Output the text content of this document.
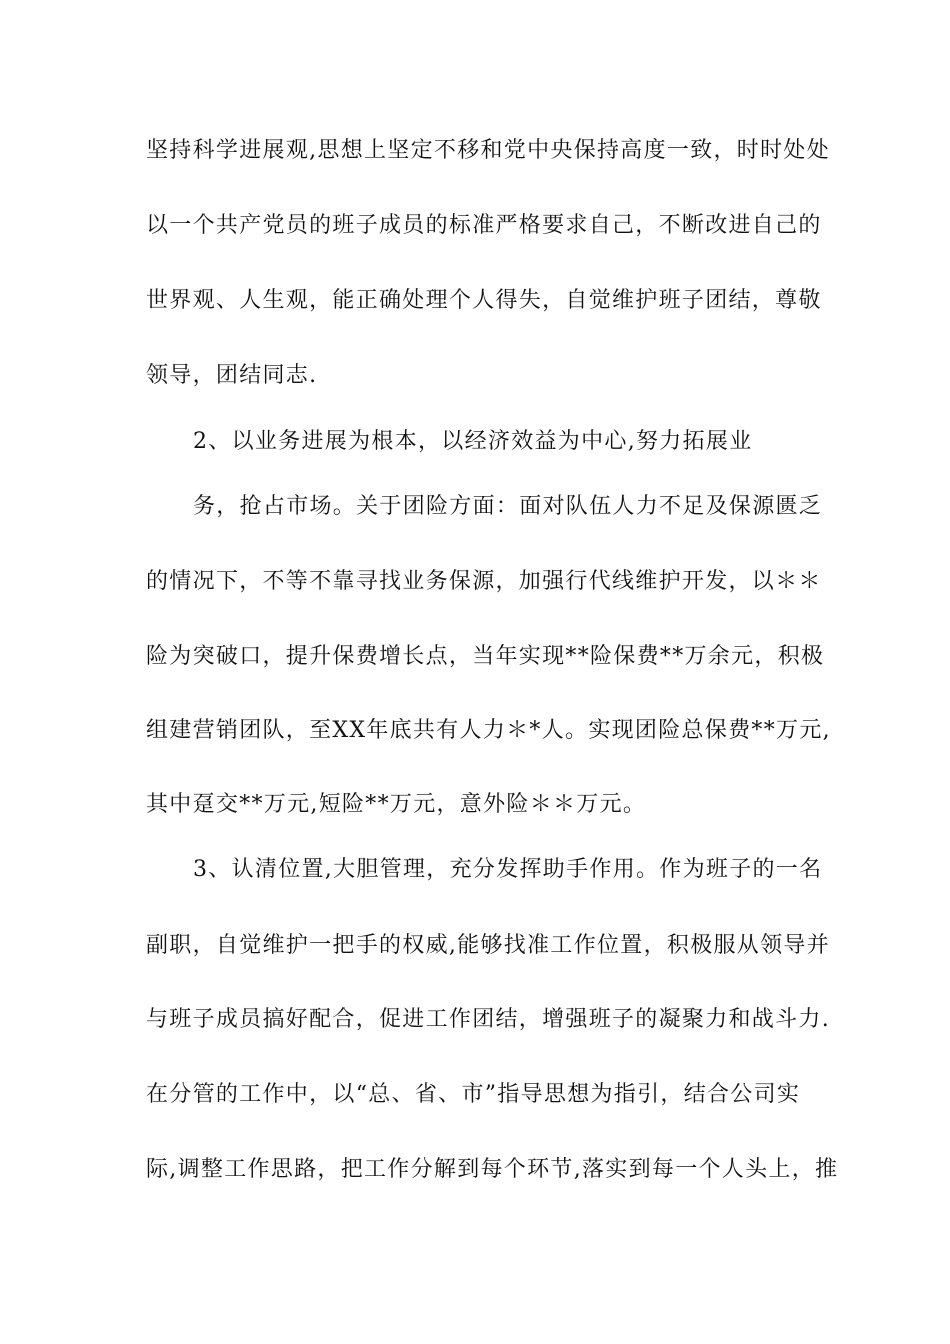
坚持科学进展观,思想上坚定不移和党中央保持高度一致，时时处处
以一个共产党员的班子成员的标准严格要求自己，不断改进自己的
世界观、人生观，能正确处理个人得失，自觉维护班子团结，尊敬
领导，团结同志.
2、以业务进展为根本，以经济效益为中心,努力拓展业
务，抢占市场。关于团险方面：面对队伍人力不足及保源匮乏
的情况下，不等不靠寻找业务保源，加强行代线维护开发，以＊＊
险为突破口，提升保费增长点，当年实现**险保费**万余元，积极
组建营销团队，至XX年底共有人力＊*人。实现团险总保费**万元,
其中趸交**万元,短险**万元，意外险＊＊万元。
3、认清位置,大胆管理，充分发挥助手作用。作为班子的一名
副职，自觉维护一把手的权威,能够找准工作位置，积极服从领导并
与班子成员搞好配合，促进工作团结，增强班子的凝聚力和战斗力.
在分管的工作中，以“总、省、市”指导思想为指引，结合公司实
际,调整工作思路，把工作分解到每个环节,落实到每一个人头上，推
